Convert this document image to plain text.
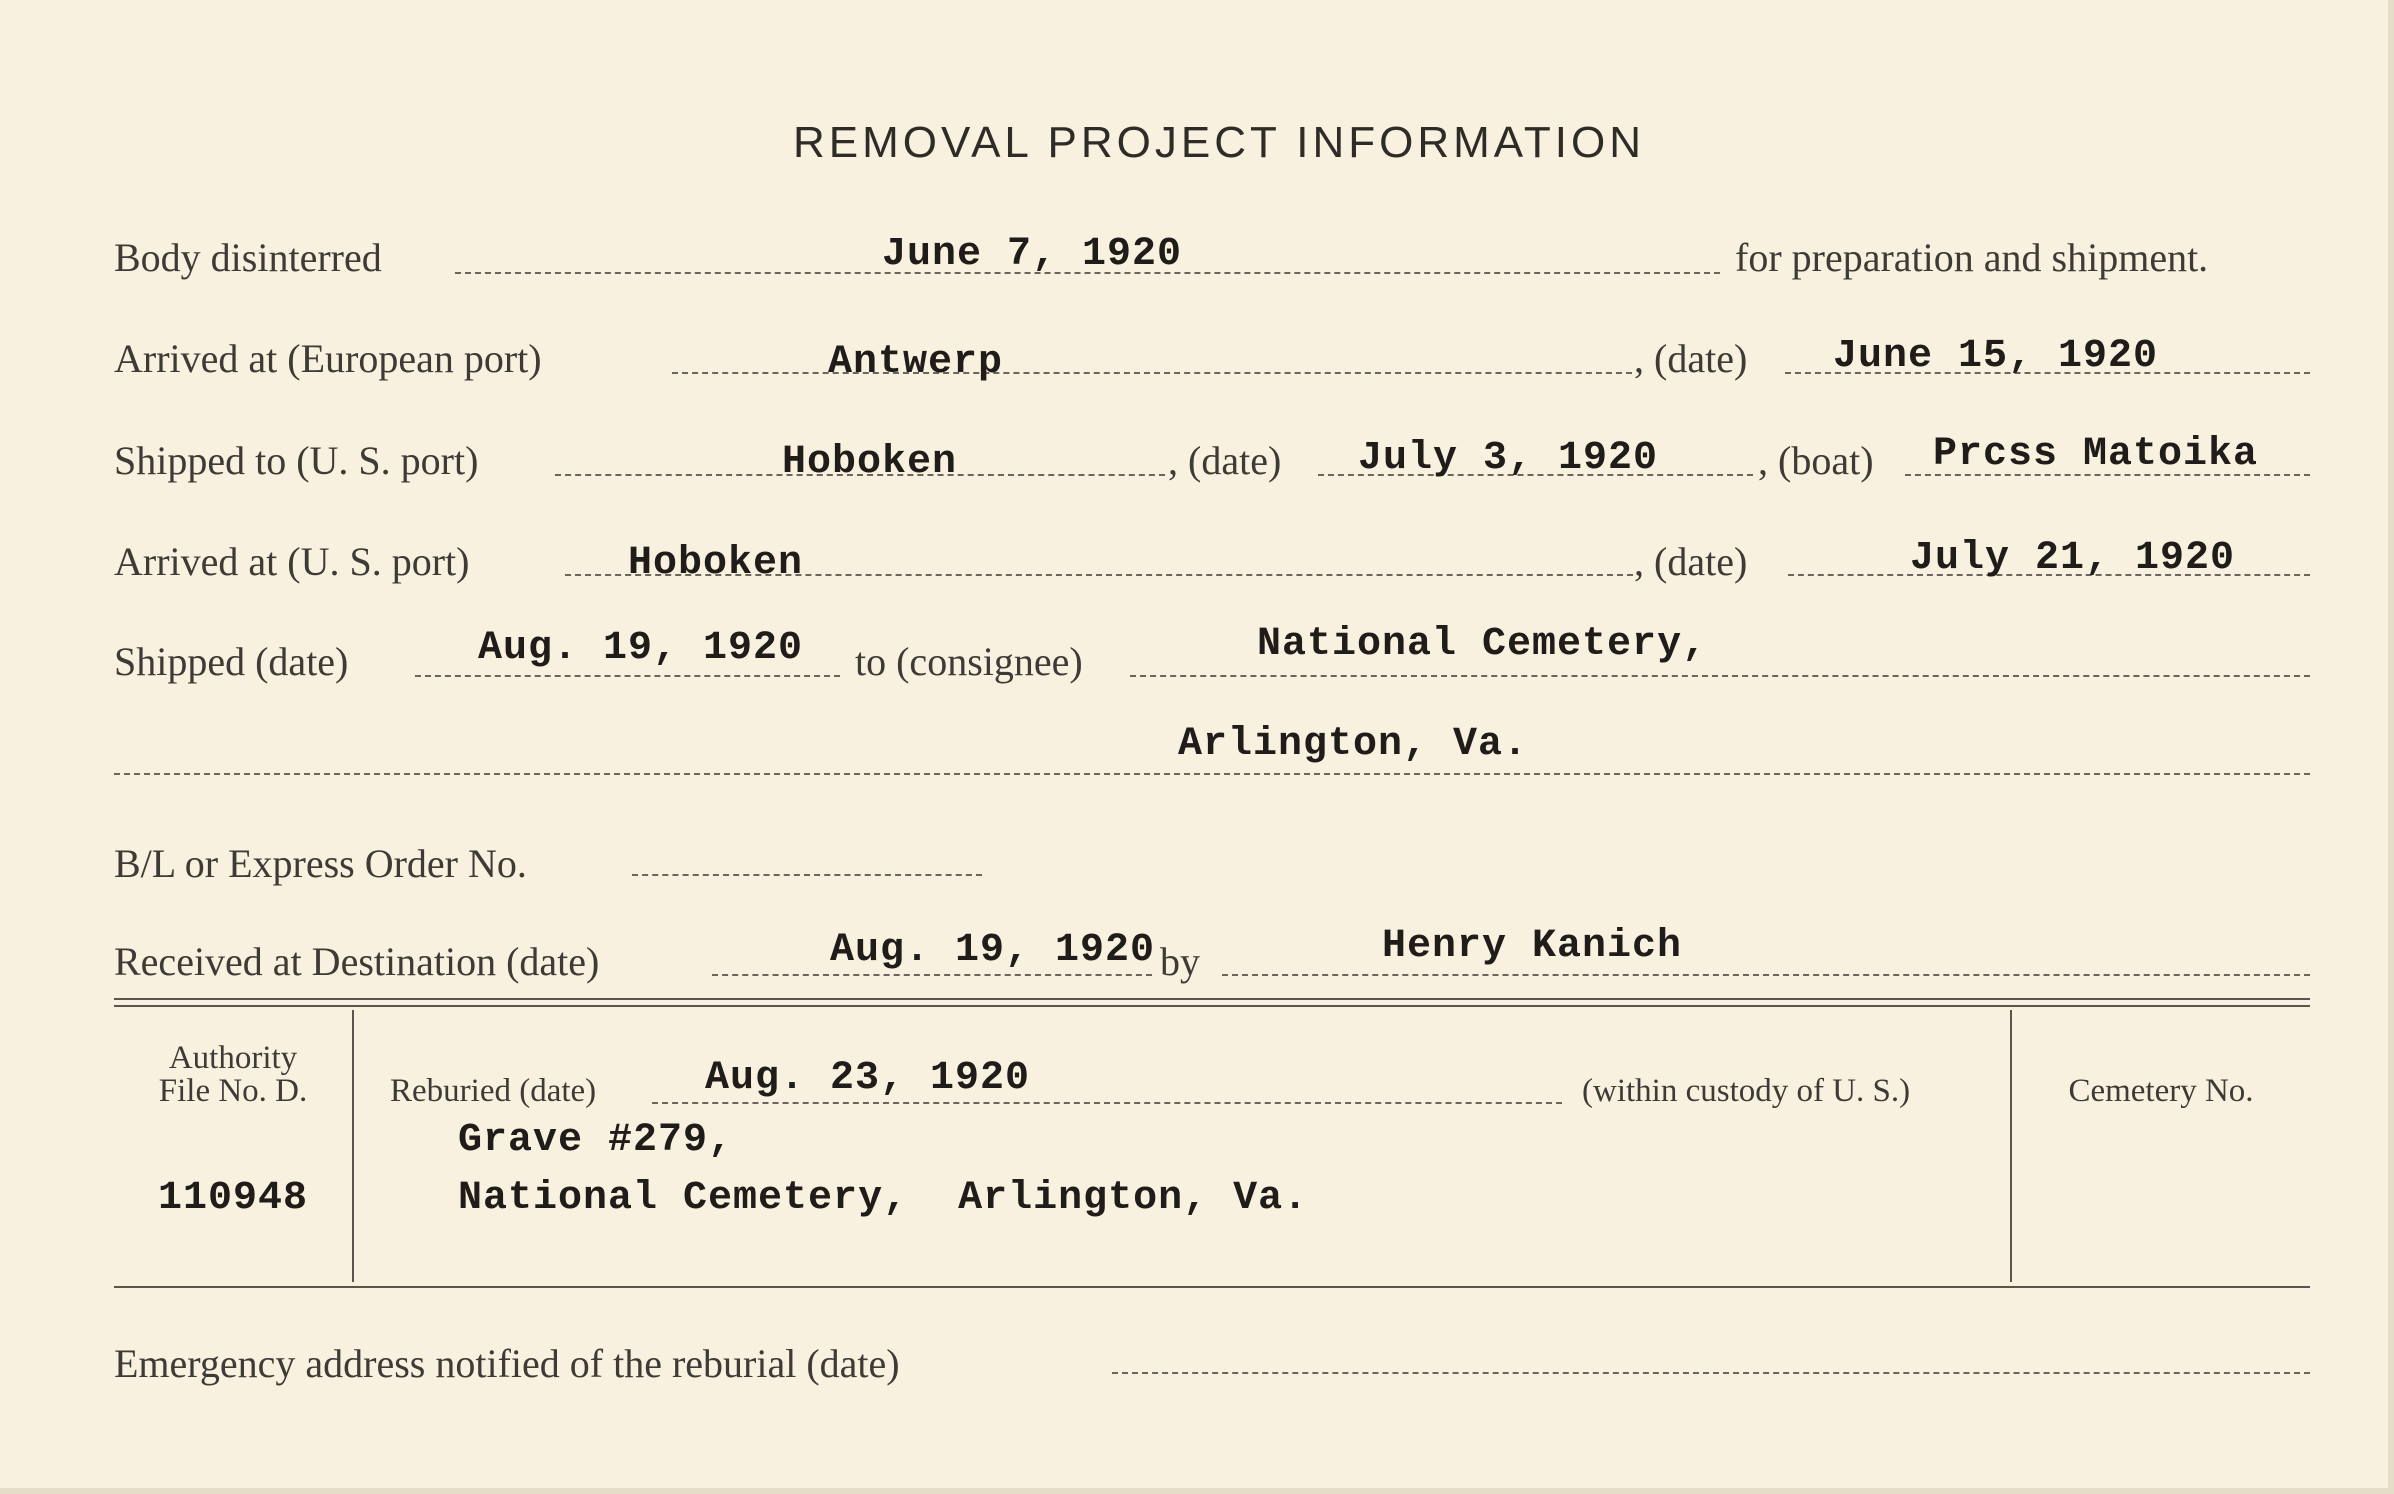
REMOVAL PROJECT INFORMATION
Body disinterred	June 7, 1920	for preparation and shipment.
Arrived at (European port)	Antwerp	, (date) June 15, 1920
Shipped to (U. S. port)	Hoboken	, (date) July 3, 1920 , (boat) Prcss Matoika
Arrived at (U. S. port)	Hoboken	, (date)	July 21, 1920
Shipped (date)	Aug. 19, 1920 to (consignee)	National Cemetery,
Arlington, Va.
B/L or Express Order No.
Received at Destination (date)	Aug. 19, 1920 by	Henry Kanich
Authority
File No. D.
110948
Reburied (date)	Aug. 23, 1920	(within custody of U. S.)
Grave #279,
National Cemetery,  Arlington, Va.
Cemetery No.
Emergency address notified of the reburial (date)
